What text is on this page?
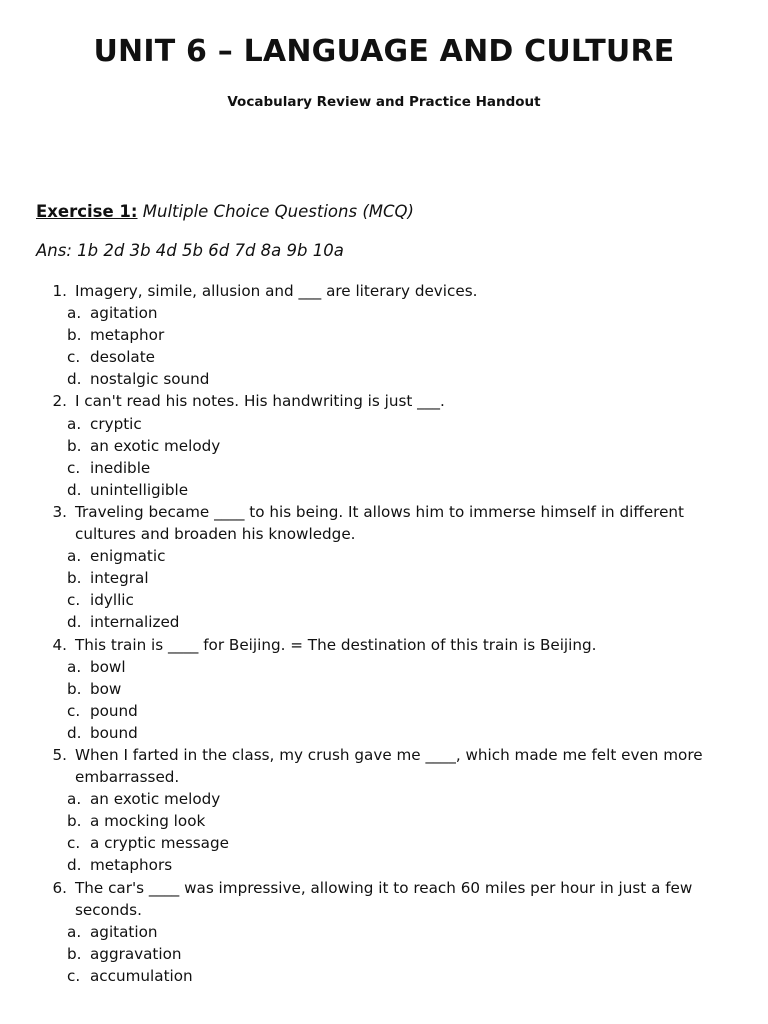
UNIT 6 – LANGUAGE AND CULTURE
Vocabulary Review and Practice Handout
Exercise 1: Multiple Choice Questions (MCQ)
Ans: 1b 2d 3b 4d 5b 6d 7d 8a 9b 10a
1 . Imagery, simile, allusion and ___ are literary devices.
a . agitation
b . metaphor
c . desolate
d . nostalgic sound
2 . I can't read his notes. His handwriting is just ___.
a . cryptic
b . an exotic melody
c . inedible
d . unintelligible
3 . Traveling became ____ to his being. It allows him to immerse himself in different cultures and broaden his knowledge.
a . enigmatic
b . integral
c . idyllic
d . internalized
4 . This train is ____ for Beijing. = The destination of this train is Beijing.
a . bowl
b . bow
c . pound
d . bound
5 . When I farted in the class, my crush gave me ____, which made me felt even more embarrassed.
a . an exotic melody
b . a mocking look
c . a cryptic message
d . metaphors
6 . The car's ____ was impressive, allowing it to reach 60 miles per hour in just a few seconds.
a . agitation
b . aggravation
c . accumulation
